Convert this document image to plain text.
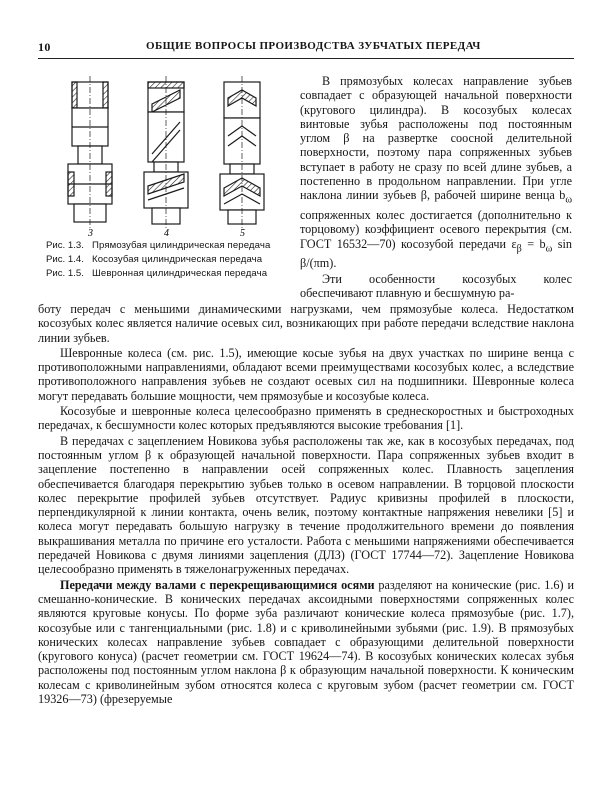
10	ОБЩИЕ ВОПРОСЫ ПРОИЗВОДСТВА ЗУБЧАТЫХ ПЕРЕДАЧ
3	4	5
Рис. 1.3. Прямозубая цилиндрическая передача
Рис. 1.4. Косозубая цилиндрическая передача
Рис. 1.5. Шевронная цилиндрическая передача

В прямозубых колесах направление зубьев совпадает с образующей начальной поверхности (кругового цилиндра). В косозубых колесах винтовые зубья расположены под постоянным углом β на развертке соосной делительной поверхности, поэтому пара сопряженных зубьев вступает в работу не сразу по всей длине зубьев, а постепенно в продольном направлении. При угле наклона линии зубьев β, рабочей ширине венца $b_\omega$ сопряженных колес достигается (дополнительно к торцовому) коэффициент осевого перекрытия (см. ГОСТ 16532—70) косозубой передачи $\varepsilon_\beta = b_\omega$ sin β/(πm).

Эти особенности косозубых колес обеспечивают плавную и бесшумную ра-

боту передач с меньшими динамическими нагрузками, чем прямозубые колеса. Недостатком косозубых колес является наличие осевых сил, возникающих при работе передачи вследствие наклона линии зубьев.

Шевронные колеса (см. рис. 1.5), имеющие косые зубья на двух участках по ширине венца с противоположными направлениями, обладают всеми преимуществами косозубых колес, а вследствие противоположного направления зубьев не создают осевых сил на подшипники. Шевронные колеса могут передавать большие мощности, чем прямозубые и косозубые колеса.

Косозубые и шевронные колеса целесообразно применять в среднескоростных и быстроходных передачах, к бесшумности колес которых предъявляются высокие требования [1].

В передачах с зацеплением Новикова зубья расположены так же, как в косозубых передачах, под постоянным углом β к образующей начальной поверхности. Пара сопряженных зубьев входит в зацепление постепенно в направлении осей сопряженных колес. Плавность зацепления обеспечивается благодаря перекрытию зубьев только в осевом направлении. В торцовой плоскости колес перекрытие профилей зубьев отсутствует. Радиус кривизны профилей в плоскости, перпендикулярной к линии контакта, очень велик, поэтому контактные напряжения невелики [5] и колеса могут передавать большую нагрузку в течение продолжительного времени до появления выкрашивания металла по причине его усталости. Работа с меньшими напряжениями обеспечивается передачей Новикова с двумя линиями зацепления (ДЛЗ) (ГОСТ 17744—72). Зацепление Новикова целесообразно применять в тяжелонагруженных передачах.

Передачи между валами с перекрещивающимися осями разделяют на конические (рис. 1.6) и смешанно-конические. В конических передачах аксоидными поверхностями сопряженных колес являются круговые конусы. По форме зуба различают конические колеса прямозубые (рис. 1.7), косозубые или с тангенциальными (рис. 1.8) и с криволинейными зубьями (рис. 1.9). В прямозубых конических колесах направление зубьев совпадает с образующими делительной поверхности (кругового конуса) (расчет геометрии см. ГОСТ 19624—74). В косозубых конических колесах зубья расположены под постоянным углом наклона β к образующим начальной поверхности. К коническим колесам с криволинейным зубом относятся колеса с круговым зубом (расчет геометрии см. ГОСТ 19326—73) (фрезеруемые
